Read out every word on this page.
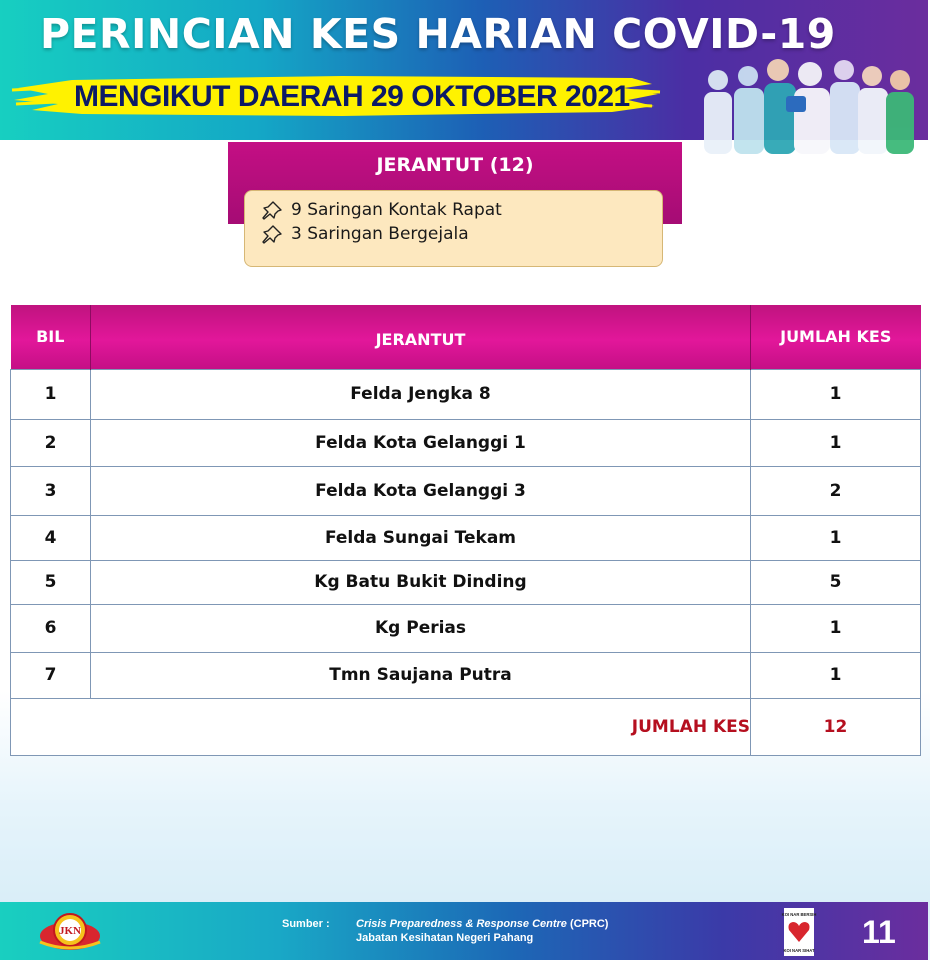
PERINCIAN KES HARIAN COVID-19
MENGIKUT DAERAH 29 OKTOBER 2021
JERANTUT (12)
9 Saringan Kontak Rapat
3 Saringan Bergejala
BIL	JERANTUT	JUMLAH KES
1	Felda Jengka 8	1
2	Felda Kota Gelanggi 1	1
3	Felda Kota Gelanggi 3	2
4	Felda Sungai Tekam	1
5	Kg Batu Bukit Dinding	5
6	Kg Perias	1
7	Tmn Saujana Putra	1
JUMLAH KES		12
JKN
Sumber : Crisis Preparedness & Response Centre (CPRC)
Jabatan Kesihatan Negeri Pahang
KOI NAR BERSIH
KOI NAR SIHAT
11
